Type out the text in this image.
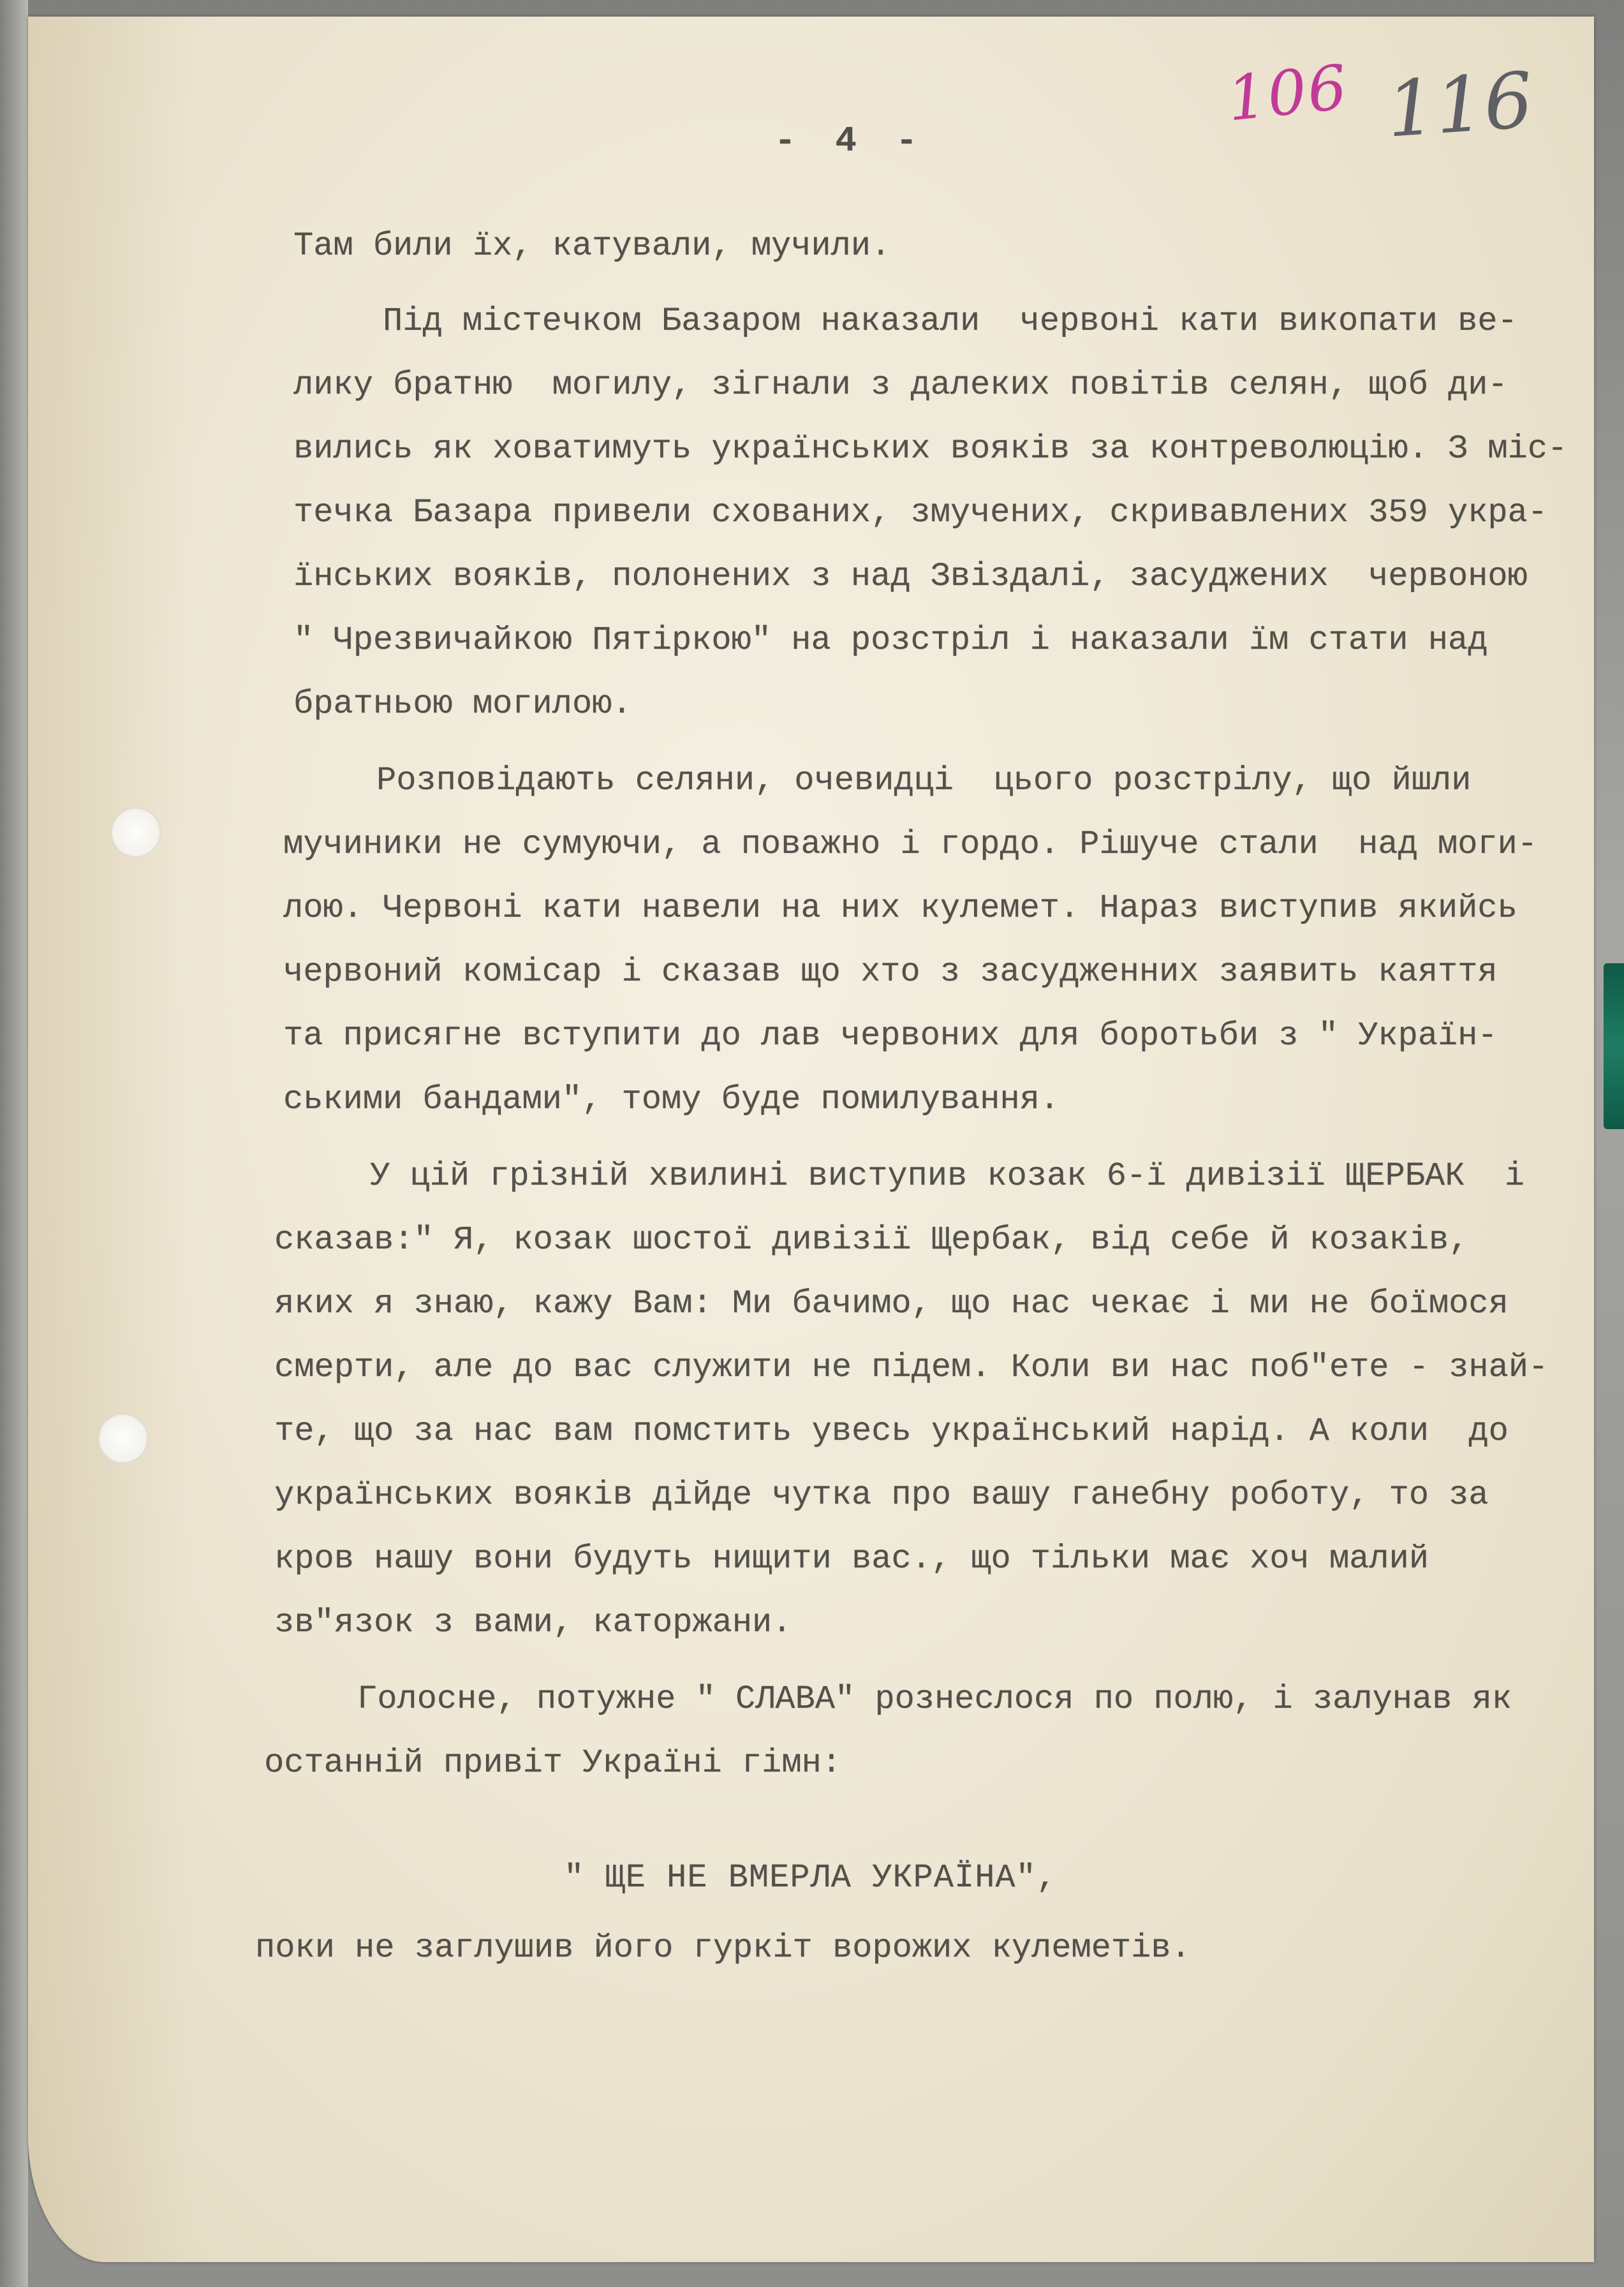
106 116
- 4 -
Там били їх, катували, мучили.
Під містечком Базаром наказали  червоні кати викопати ве-
лику братню  могилу, зігнали з далеких повітів селян, щоб ди-
вились як ховатимуть українських вояків за контреволюцію. З міс-
течка Базара привели схованих, змучених, скривавлених 359 укра-
їнських вояків, полонених з над Звіздалі, засуджених  червоною
" Чрезвичайкою Пятіркою" на розстріл і наказали їм стати над
братньою могилою.
Розповідають селяни, очевидці  цього розстрілу, що йшли
мучиники не сумуючи, а поважно і гордо. Рішуче стали  над моги-
лою. Червоні кати навели на них кулемет. Нараз виступив якийсь
червоний комісар і сказав що хто з засудженних заявить каяття
та присягне вступити до лав червоних для боротьби з " Україн-
ськими бандами", тому буде помилування.
У цій грізній хвилині виступив козак 6-ї дивізії ЩЕРБАК  і
сказав:" Я, козак шостої дивізії Щербак, від себе й козаків,
яких я знаю, кажу Вам: Ми бачимо, що нас чекає і ми не боїмося
смерти, але до вас служити не підем. Коли ви нас поб"ете - знай-
те, що за нас вам помстить увесь український нарід. А коли  до
українських вояків дійде чутка про вашу ганебну роботу, то за
кров нашу вони будуть нищити вас., що тільки має хоч малий
зв"язок з вами, каторжани.
Голосне, потужне " СЛАВА" рознеслося по полю, і залунав як
останній привіт Україні гімн:
" ЩЕ НЕ ВМЕРЛА УКРАЇНА",
поки не заглушив його гуркіт ворожих кулеметів.
